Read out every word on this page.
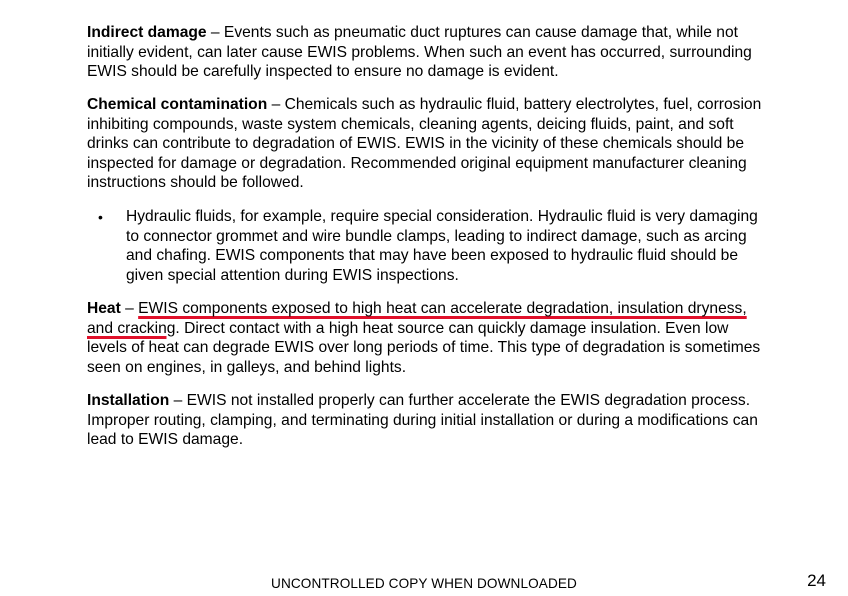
Indirect damage – Events such as pneumatic duct ruptures can cause damage that, while not initially evident, can later cause EWIS problems. When such an event has occurred, surrounding EWIS should be carefully inspected to ensure no damage is evident.

Chemical contamination – Chemicals such as hydraulic fluid, battery electrolytes, fuel, corrosion inhibiting compounds, waste system chemicals, cleaning agents, deicing fluids, paint, and soft drinks can contribute to degradation of EWIS. EWIS in the vicinity of these chemicals should be inspected for damage or degradation. Recommended original equipment manufacturer cleaning instructions should be followed.

• Hydraulic fluids, for example, require special consideration. Hydraulic fluid is very damaging to connector grommet and wire bundle clamps, leading to indirect damage, such as arcing and chafing. EWIS components that may have been exposed to hydraulic fluid should be given special attention during EWIS inspections.

Heat – EWIS components exposed to high heat can accelerate degradation, insulation dryness, and cracking. Direct contact with a high heat source can quickly damage insulation. Even low levels of heat can degrade EWIS over long periods of time. This type of degradation is sometimes seen on engines, in galleys, and behind lights.

Installation – EWIS not installed properly can further accelerate the EWIS degradation process. Improper routing, clamping, and terminating during initial installation or during a modifications can lead to EWIS damage.

UNCONTROLLED COPY WHEN DOWNLOADED	24
